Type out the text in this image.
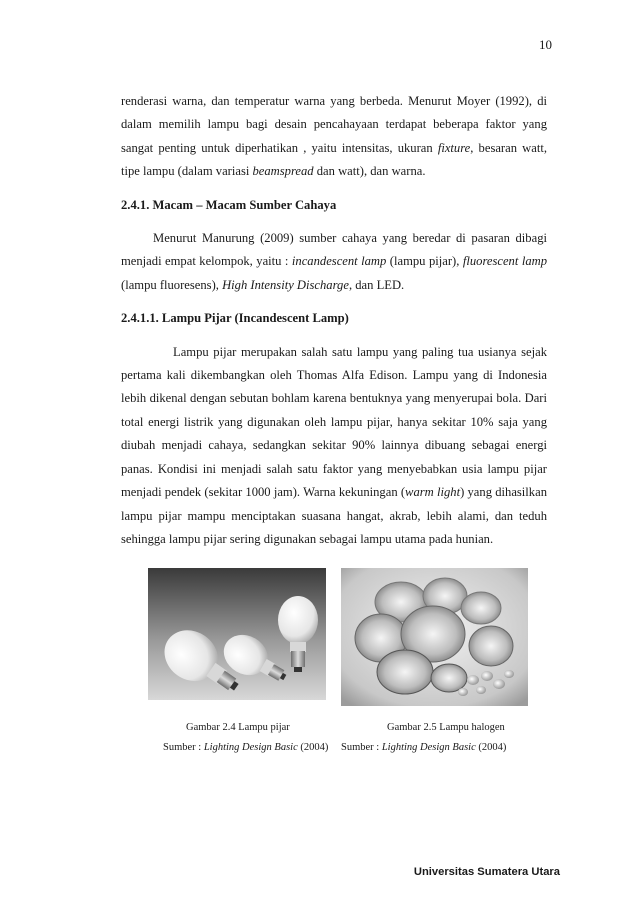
10

renderasi warna, dan temperatur warna yang berbeda. Menurut Moyer (1992), di dalam memilih lampu bagi desain pencahayaan terdapat beberapa faktor yang sangat penting untuk diperhatikan , yaitu intensitas, ukuran fixture, besaran watt, tipe lampu (dalam variasi beamspread dan watt), dan warna.

2.4.1. Macam – Macam Sumber Cahaya

Menurut Manurung (2009) sumber cahaya yang beredar di pasaran dibagi menjadi empat kelompok, yaitu : incandescent lamp (lampu pijar), fluorescent lamp (lampu fluoresens), High Intensity Discharge, dan LED.

2.4.1.1. Lampu Pijar (Incandescent Lamp)

Lampu pijar merupakan salah satu lampu yang paling tua usianya sejak pertama kali dikembangkan oleh Thomas Alfa Edison. Lampu yang di Indonesia lebih dikenal dengan sebutan bohlam karena bentuknya yang menyerupai bola. Dari total energi listrik yang digunakan oleh lampu pijar, hanya sekitar 10% saja yang diubah menjadi cahaya, sedangkan sekitar 90% lainnya dibuang sebagai energi panas. Kondisi ini menjadi salah satu faktor yang menyebabkan usia lampu pijar menjadi pendek (sekitar 1000 jam). Warna kekuningan (warm light) yang dihasilkan lampu pijar mampu menciptakan suasana hangat, akrab, lebih alami, dan teduh sehingga lampu pijar sering digunakan sebagai lampu utama pada hunian.

Gambar 2.4 Lampu pijar	Gambar 2.5 Lampu halogen
Sumber : Lighting Design Basic (2004) Sumber : Lighting Design Basic (2004)
Universitas Sumatera Utara
